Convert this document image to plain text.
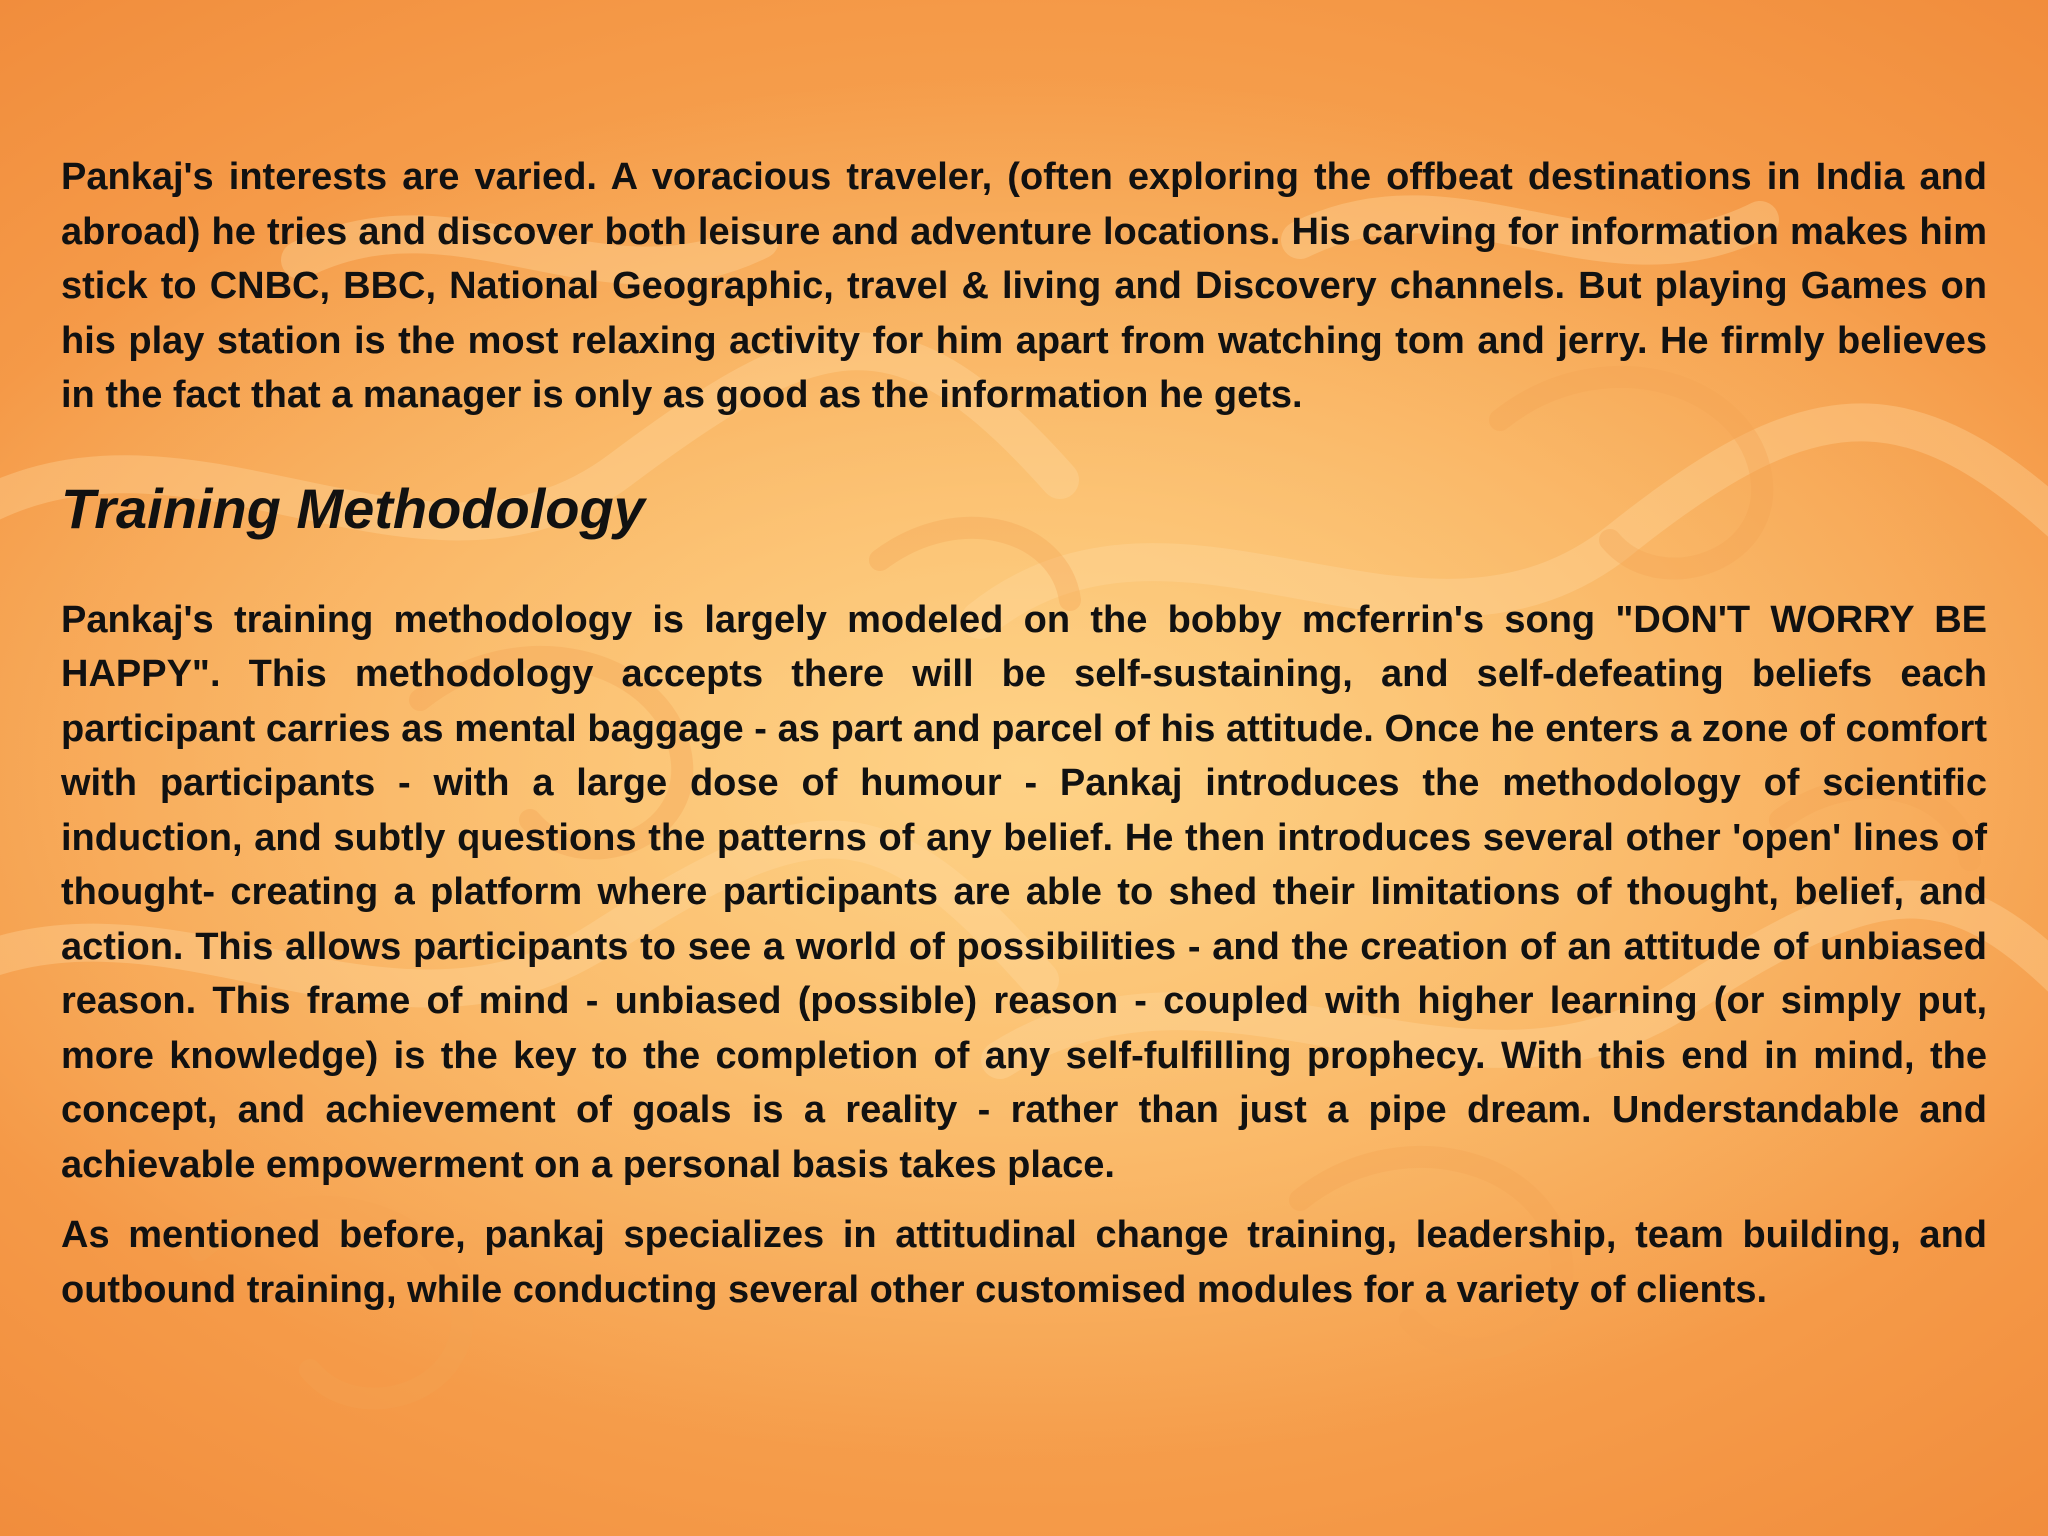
Pankaj's interests are varied. A voracious traveler, (often exploring the offbeat destinations in India and abroad) he tries and discover both leisure and adventure locations. His carving for information makes him stick to CNBC, BBC, National Geographic, travel & living and Discovery channels. But playing Games on his play station is the most relaxing activity for him apart from watching tom and jerry. He firmly believes in the fact that a manager is only as good as the information he gets.

Training Methodology

Pankaj's training methodology is largely modeled on the bobby mcferrin's song "DON'T WORRY BE HAPPY". This methodology accepts there will be self-sustaining, and self-defeating beliefs each participant carries as mental baggage - as part and parcel of his attitude. Once he enters a zone of comfort with participants - with a large dose of humour - Pankaj introduces the methodology of scientific induction, and subtly questions the patterns of any belief. He then introduces several other 'open' lines of thought- creating a platform where participants are able to shed their limitations of thought, belief, and action. This allows participants to see a world of possibilities - and the creation of an attitude of unbiased reason. This frame of mind - unbiased (possible) reason - coupled with higher learning (or simply put, more knowledge) is the key to the completion of any self-fulfilling prophecy. With this end in mind, the concept, and achievement of goals is a reality - rather than just a pipe dream. Understandable and achievable empowerment on a personal basis takes place.

As mentioned before, pankaj specializes in attitudinal change training, leadership, team building, and outbound training, while conducting several other customised modules for a variety of clients.
